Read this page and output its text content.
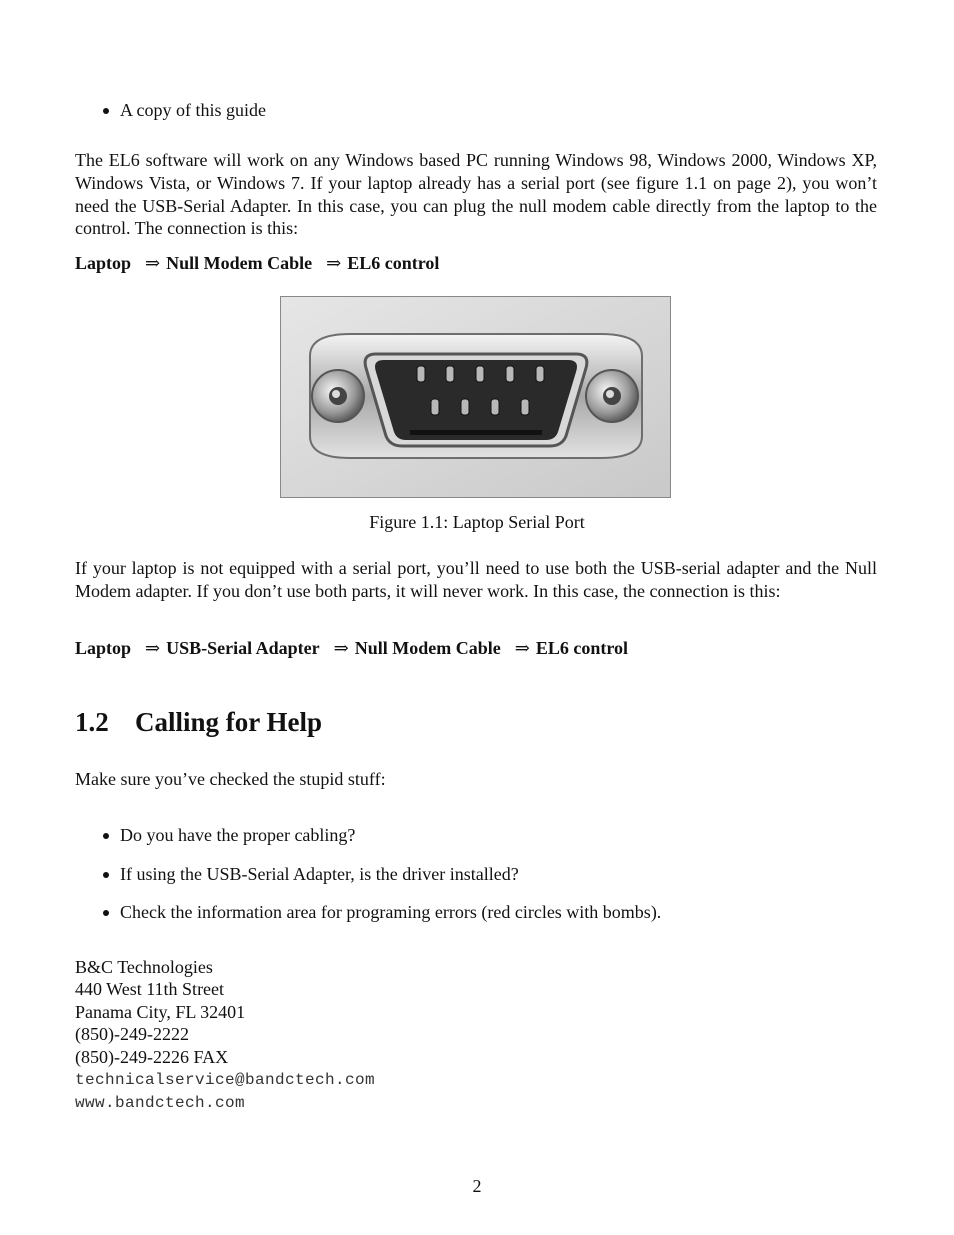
A copy of this guide

The EL6 software will work on any Windows based PC running Windows 98, Windows 2000, Windows XP, Windows Vista, or Windows 7. If your laptop already has a serial port (see figure 1.1 on page 2), you won’t need the USB-Serial Adapter. In this case, you can plug the null modem cable directly from the laptop to the control. The connection is this:

Laptop ⇒ Null Modem Cable ⇒ EL6 control
Figure 1.1: Laptop Serial Port

If your laptop is not equipped with a serial port, you’ll need to use both the USB-serial adapter and the Null Modem adapter. If you don’t use both parts, it will never work. In this case, the connection is this:

Laptop ⇒ USB-Serial Adapter ⇒ Null Modem Cable ⇒ EL6 control
1.2 Calling for Help
Make sure you’ve checked the stupid stuff:
Do you have the proper cabling?
If using the USB-Serial Adapter, is the driver installed?
Check the information area for programing errors (red circles with bombs).
B&C Technologies
440 West 11th Street
Panama City, FL 32401
(850)-249-2222
(850)-249-2226 FAX
technicalservice@bandctech.com
www.bandctech.com
2
